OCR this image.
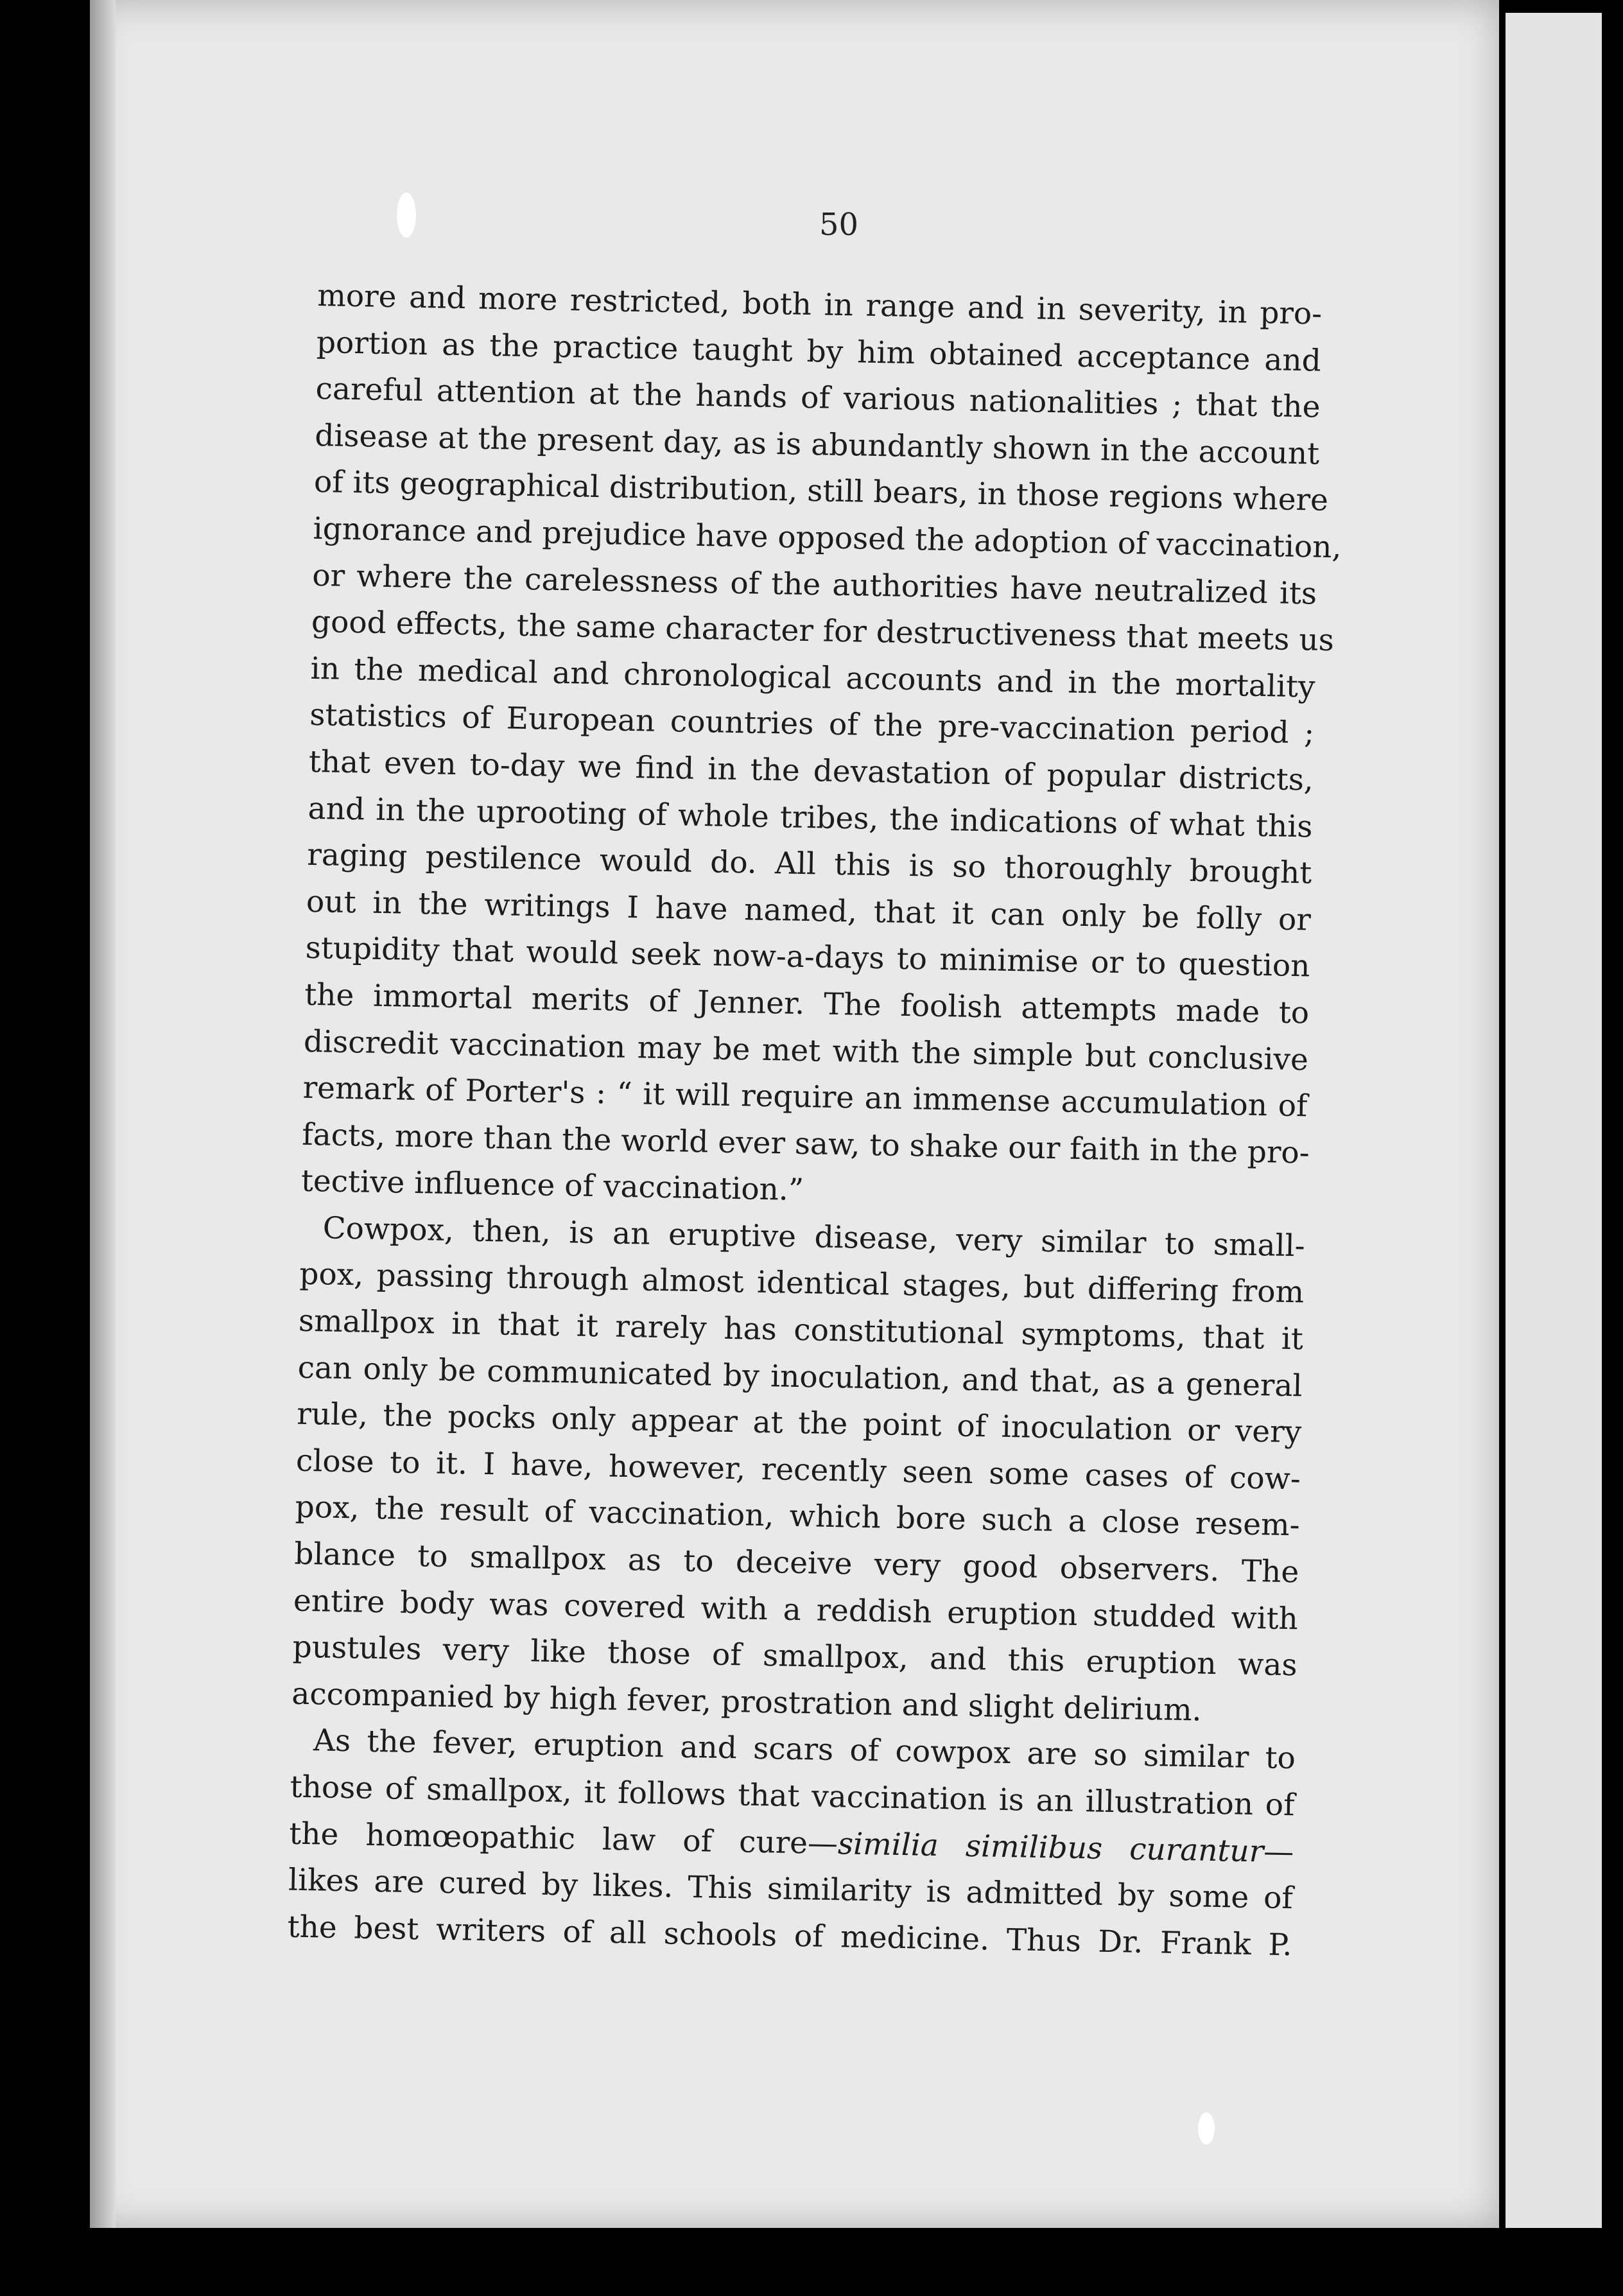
50

more and more restricted, both in range and in severity, in pro-
portion as the practice taught by him obtained acceptance and
careful attention at the hands of various nationalities ; that the
disease at the present day, as is abundantly shown in the account
of its geographical distribution, still bears, in those regions where
ignorance and prejudice have opposed the adoption of vaccination,
or where the carelessness of the authorities have neutralized its
good effects, the same character for destructiveness that meets us
in the medical and chronological accounts and in the mortality
statistics of European countries of the pre-vaccination period ;
that even to-day we find in the devastation of popular districts,
and in the uprooting of whole tribes, the indications of what this
raging pestilence would do. All this is so thoroughly brought
out in the writings I have named, that it can only be folly or
stupidity that would seek now-a-days to minimise or to question
the immortal merits of Jenner. The foolish attempts made to
discredit vaccination may be met with the simple but conclusive
remark of Porter's : “ it will require an immense accumulation of
facts, more than the world ever saw, to shake our faith in the pro-
tective influence of vaccination.”

Cowpox, then, is an eruptive disease, very similar to small-
pox, passing through almost identical stages, but differing from
smallpox in that it rarely has constitutional symptoms, that it
can only be communicated by inoculation, and that, as a general
rule, the pocks only appear at the point of inoculation or very
close to it. I have, however, recently seen some cases of cow-
pox, the result of vaccination, which bore such a close resem-
blance to smallpox as to deceive very good observers. The
entire body was covered with a reddish eruption studded with
pustules very like those of smallpox, and this eruption was
accompanied by high fever, prostration and slight delirium.

As the fever, eruption and scars of cowpox are so similar to
those of smallpox, it follows that vaccination is an illustration of
the homœopathic law of cure—similia similibus curantur—
likes are cured by likes. This similarity is admitted by some of
the best writers of all schools of medicine. Thus Dr. Frank P.
